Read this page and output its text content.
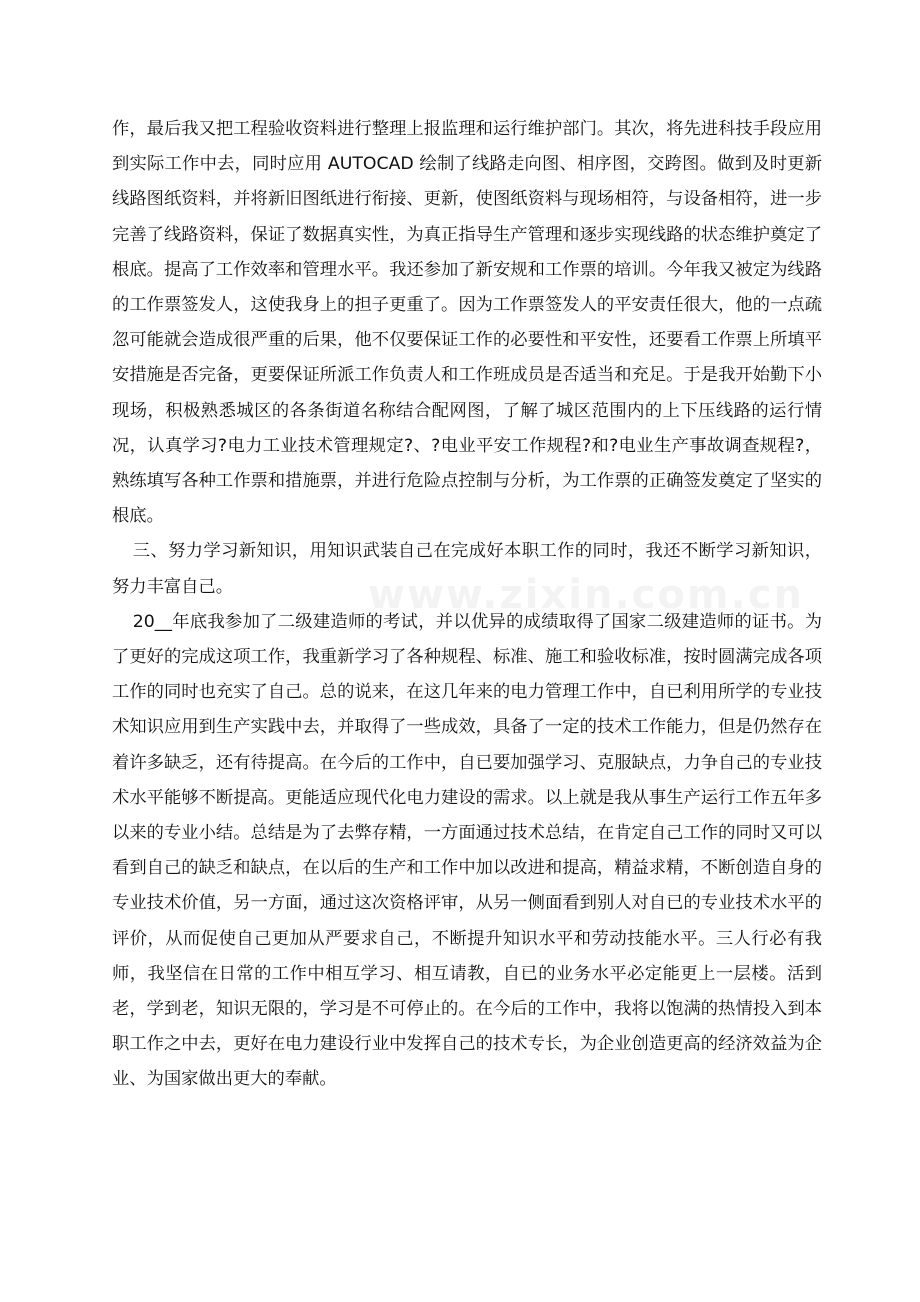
作，最后我又把工程验收资料进行整理上报监理和运行维护部门。其次，将先进科技手段应用到实际工作中去，同时应用 AUTOCAD 绘制了线路走向图、相序图，交跨图。做到及时更新线路图纸资料，并将新旧图纸进行衔接、更新，使图纸资料与现场相符，与设备相符，进一步完善了线路资料，保证了数据真实性，为真正指导生产管理和逐步实现线路的状态维护奠定了根底。提高了工作效率和管理水平。我还参加了新安规和工作票的培训。今年我又被定为线路的工作票签发人，这使我身上的担子更重了。因为工作票签发人的平安责任很大，他的一点疏忽可能就会造成很严重的后果，他不仅要保证工作的必要性和平安性，还要看工作票上所填平安措施是否完备，更要保证所派工作负责人和工作班成员是否适当和充足。于是我开始勤下小现场，积极熟悉城区的各条街道名称结合配网图，了解了城区范围内的上下压线路的运行情况，认真学习?电力工业技术管理规定?、?电业平安工作规程?和?电业生产事故调查规程?，熟练填写各种工作票和措施票，并进行危险点控制与分析，为工作票的正确签发奠定了坚实的根底。

三、努力学习新知识，用知识武装自己在完成好本职工作的同时，我还不断学习新知识，努力丰富自己。

20__年底我参加了二级建造师的考试，并以优异的成绩取得了国家二级建造师的证书。为了更好的完成这项工作，我重新学习了各种规程、标准、施工和验收标准，按时圆满完成各项工作的同时也充实了自己。总的说来，在这几年来的电力管理工作中，自已利用所学的专业技术知识应用到生产实践中去，并取得了一些成效，具备了一定的技术工作能力，但是仍然存在着许多缺乏，还有待提高。在今后的工作中，自已要加强学习、克服缺点，力争自己的专业技术水平能够不断提高。更能适应现代化电力建设的需求。以上就是我从事生产运行工作五年多以来的专业小结。总结是为了去弊存精，一方面通过技术总结，在肯定自己工作的同时又可以看到自己的缺乏和缺点，在以后的生产和工作中加以改进和提高，精益求精，不断创造自身的专业技术价值，另一方面，通过这次资格评审，从另一侧面看到别人对自已的专业技术水平的评价，从而促使自己更加从严要求自己，不断提升知识水平和劳动技能水平。三人行必有我师，我坚信在日常的工作中相互学习、相互请教，自已的业务水平必定能更上一层楼。活到老，学到老，知识无限的，学习是不可停止的。在今后的工作中，我将以饱满的热情投入到本职工作之中去，更好在电力建设行业中发挥自己的技术专长，为企业创造更高的经济效益为企业、为国家做出更大的奉献。

www.zixin.com.cn
